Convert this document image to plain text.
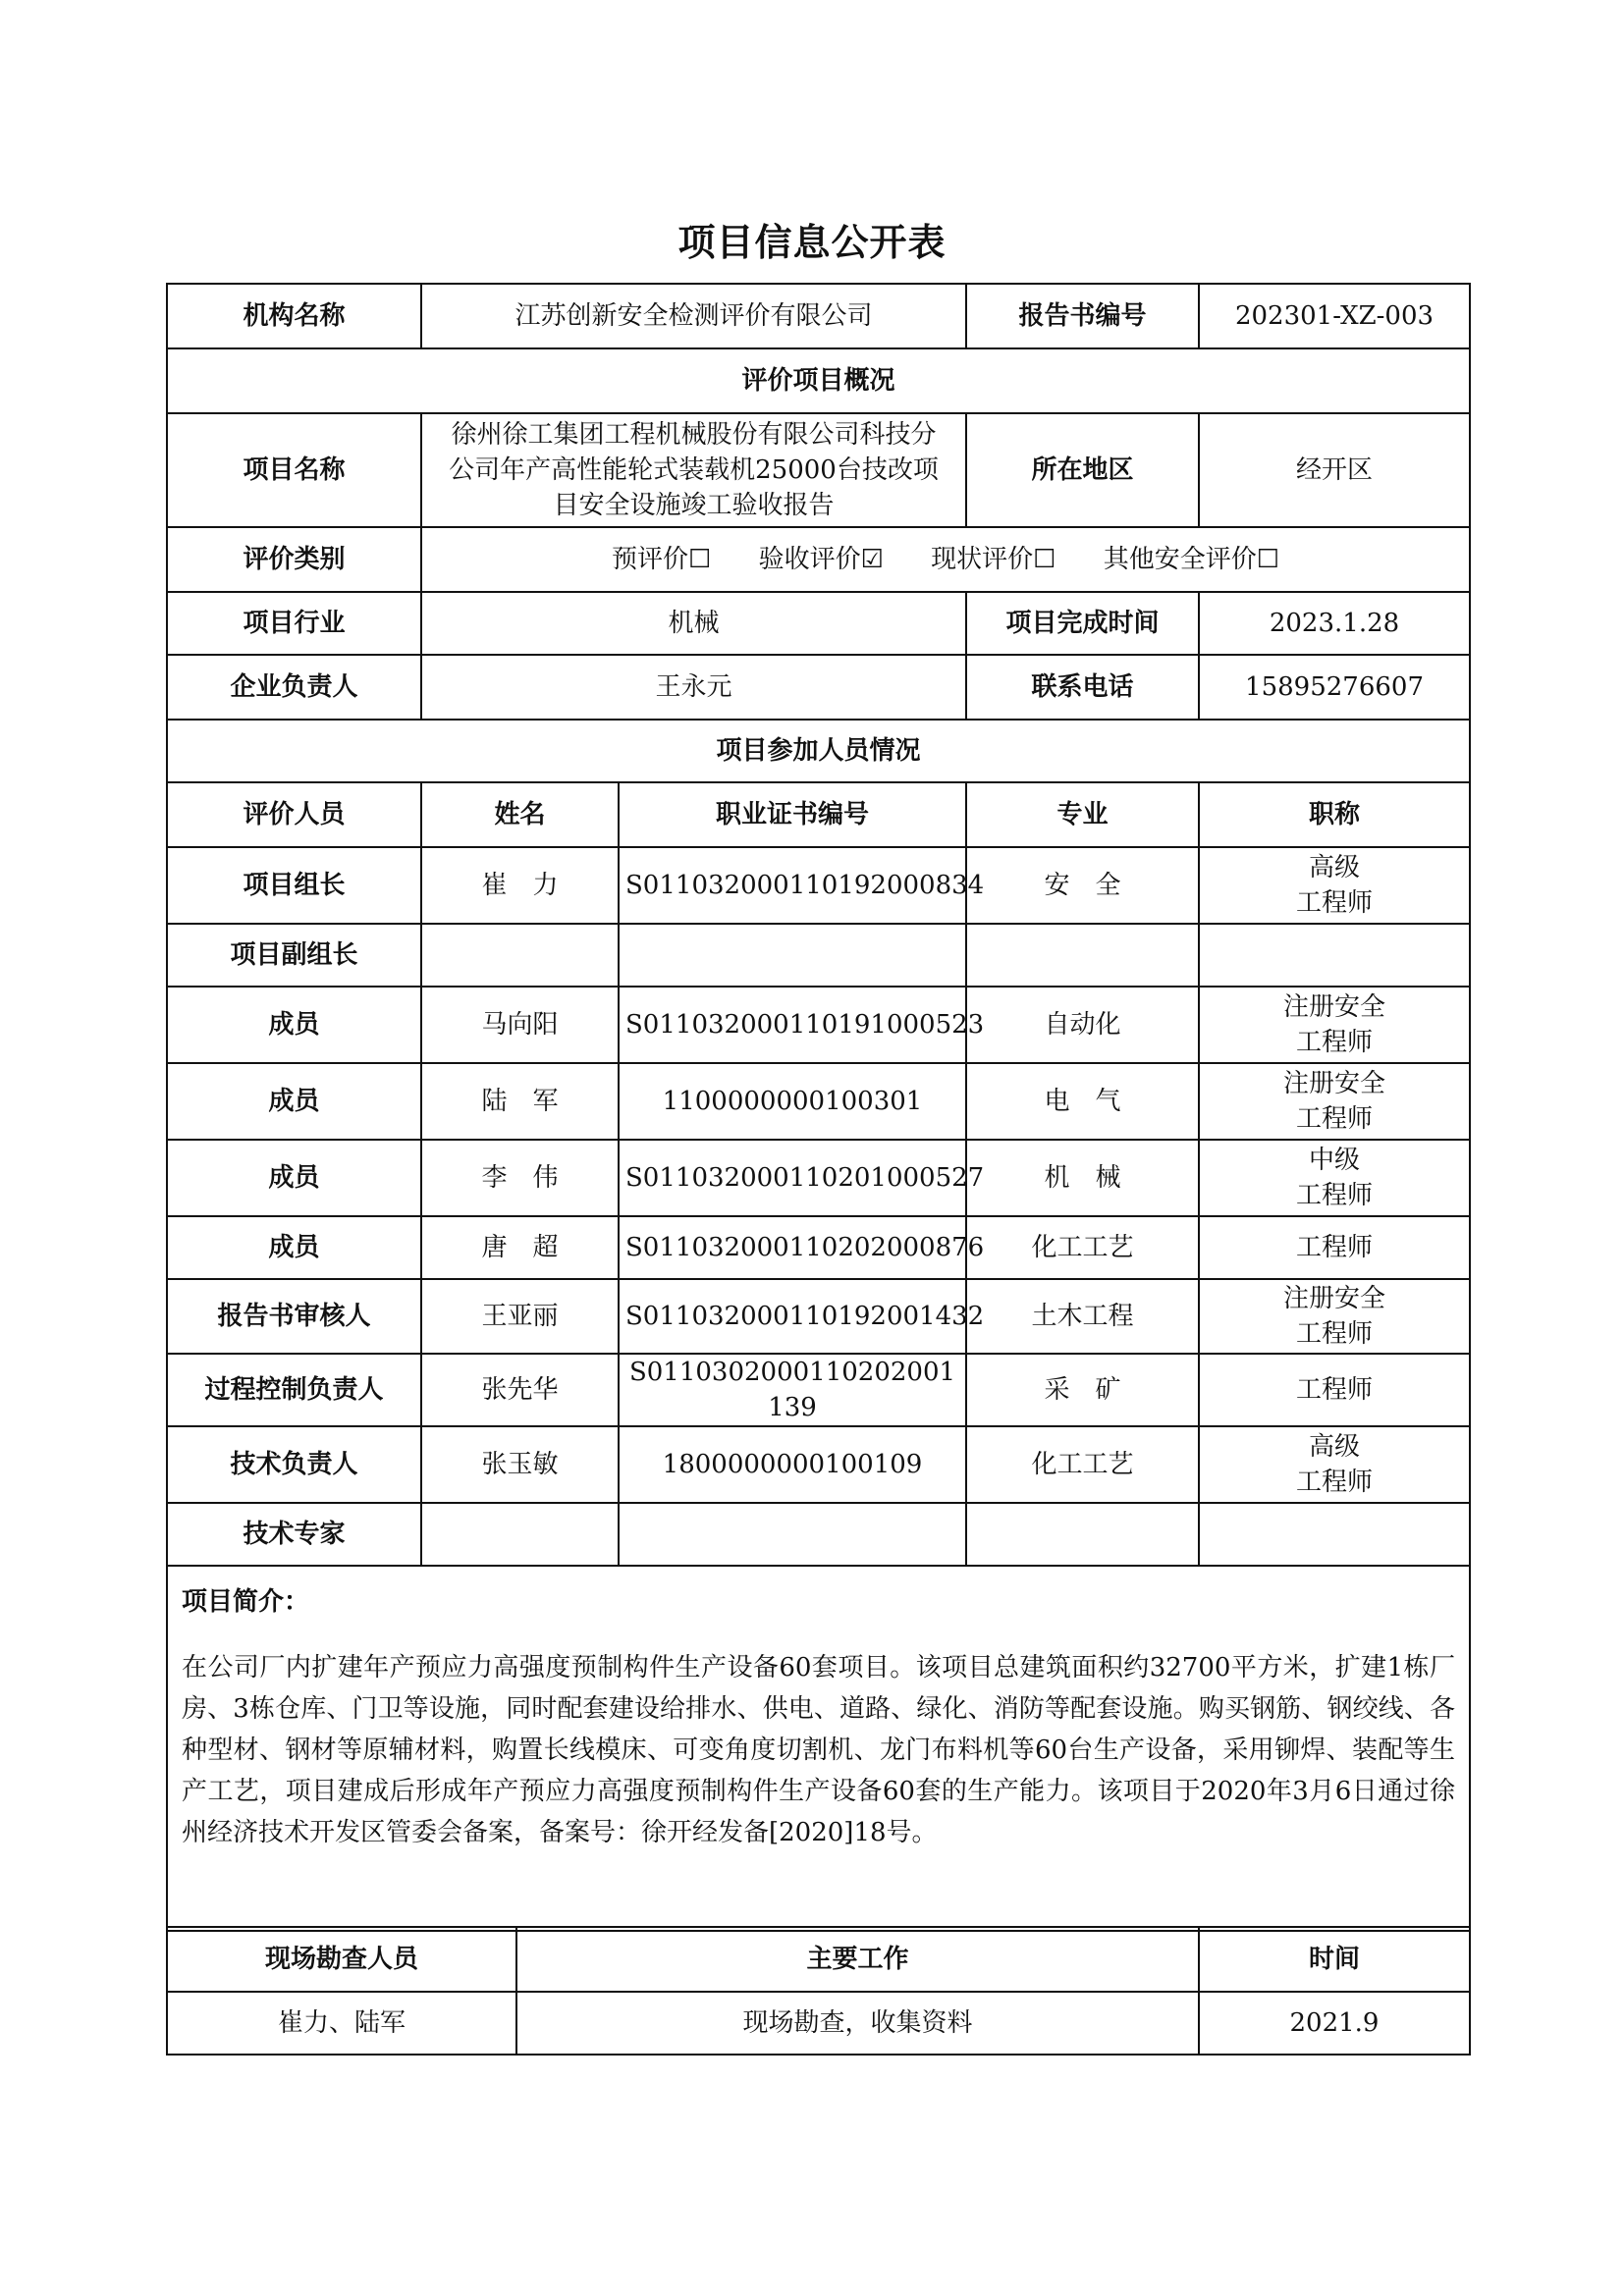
项目信息公开表
机构名称	江苏创新安全检测评价有限公司		报告书编号	202301-XZ-003
评价项目概况				
项目名称	徐州徐工集团工程机械股份有限公司科技分公司年产高性能轮式装载机25000台技改项目安全设施竣工验收报告		所在地区	经开区
评价类别	预评价☐ 验收评价☑ 现状评价☐ 其他安全评价☐			
项目行业	机械		项目完成时间	2023.1.28
企业负责人	王永元		联系电话	15895276607
项目参加人员情况				
评价人员	姓名	职业证书编号	专业	职称
项目组长	崔　力	S011032000110192000834	安　全	高级
工程师

项目副组长				

成员	马向阳	S011032000110191000523	自动化	注册安全
工程师

成员	陆　军	1100000000100301	电　气	注册安全
工程师

成员	李　伟	S011032000110201000527	机　械	中级
工程师

成员	唐　超	S011032000110202000876	化工工艺	工程师

报告书审核人	王亚丽	S011032000110192001432	土木工程	注册安全
工程师

过程控制负责人	张先华	S0110302000110202001139	采　矿	工程师

技术负责人	张玉敏	1800000000100109	化工工艺	高级
工程师

技术专家				

项目简介：
在公司厂内扩建年产预应力高强度预制构件生产设备60套项目。该项目总建筑面积约32700平方米，扩建1栋厂房、3栋仓库、门卫等设施，同时配套建设给排水、供电、道路、绿化、消防等配套设施。购买钢筋、钢绞线、各种型材、钢材等原辅材料，购置长线模床、可变角度切割机、龙门布料机等60台生产设备，采用铆焊、装配等生产工艺，项目建成后形成年产预应力高强度预制构件生产设备60套的生产能力。该项目于2020年3月6日通过徐州经济技术开发区管委会备案，备案号：徐开经发备[2020]18号。				
现场勘查人员	主要工作	时间
崔力、陆军	现场勘查，收集资料	2021.9
